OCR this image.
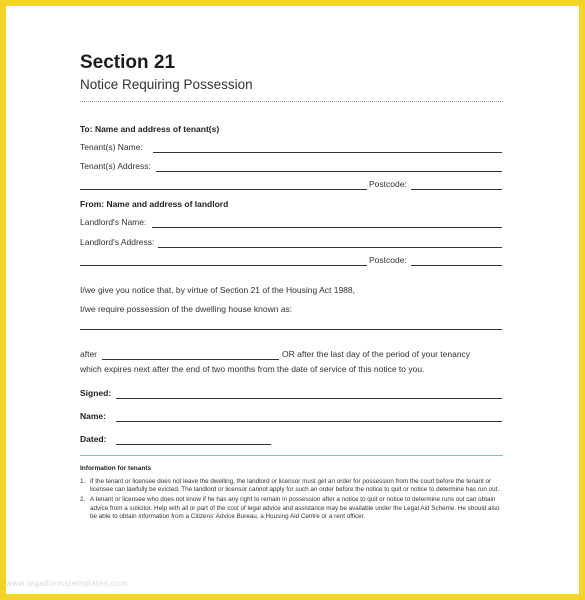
Section 21
Notice Requiring Possession
To: Name and address of tenant(s)
Tenant(s) Name:
Tenant(s) Address:
Postcode:
From: Name and address of landlord
Landlord's Name:
Landlord's Address:
Postcode:
I/we give you notice that, by virtue of Section 21 of the Housing Act 1988,
I/we require possession of the dwelling house known as:
after	OR after the last day of the period of your tenancy
which expires next after the end of two months from the date of service of this notice to you.
Signed:
Name:
Dated:
Information for tenants
1. If the tenant or licensee does not leave the dwelling, the landlord or licensor must get an order for possession from the court before the tenant or licensee can lawfully be evicted. The landlord or licensor cannot apply for such an order before the notice to quit or notice to determine has run out.
2. A tenant or licensee who does not know if he has any right to remain in possession after a notice to quit or notice to determine runs out can obtain advice from a solicitor. Help with all or part of the cost of legal advice and assistance may be available under the Legal Aid Scheme. He should also be able to obtain information from a Citizens' Advice Bureau, a Housing Aid Centre or a rent officer.
www.legalformstemplates.com
